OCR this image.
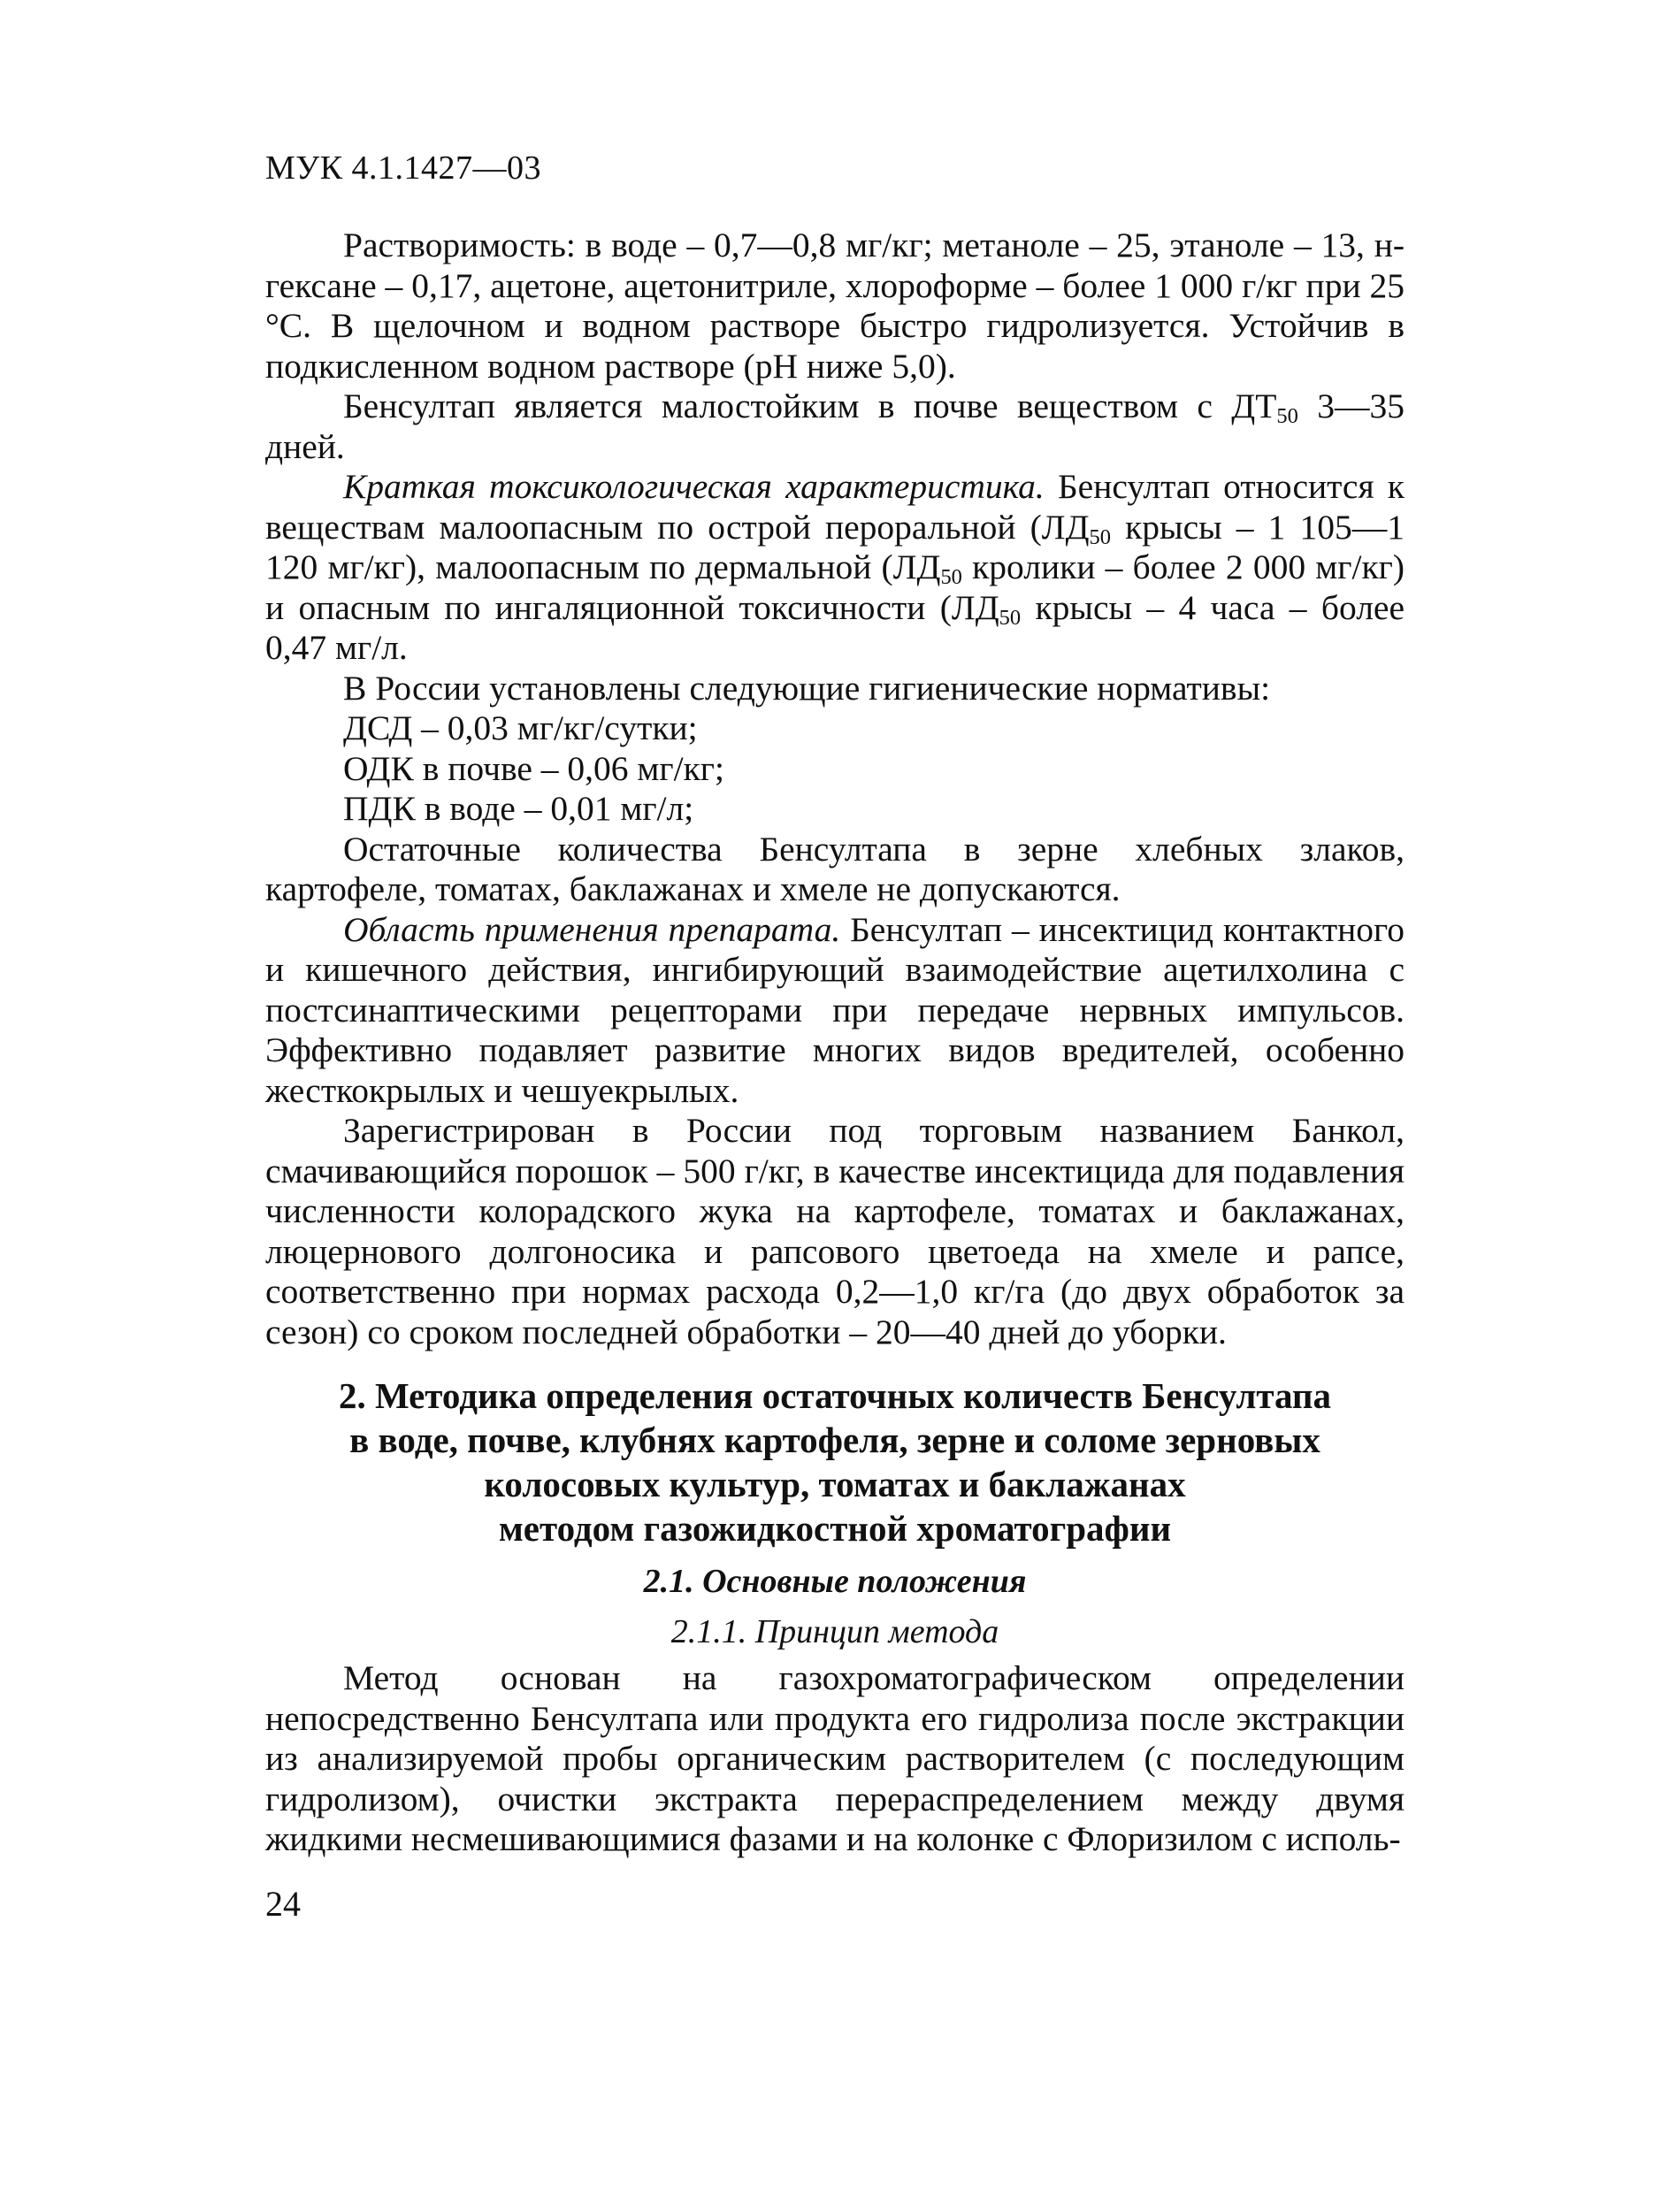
МУК 4.1.1427—03

Растворимость: в воде – 0,7—0,8 мг/кг; метаноле – 25, этаноле – 13, н-гексане – 0,17, ацетоне, ацетонитриле, хлороформе – более 1 000 г/кг при 25 °С. В щелочном и водном растворе быстро гидролизуется. Устойчив в подкисленном водном растворе (рН ниже 5,0).

Бенсултап является малостойким в почве веществом с $ДТ_{50}$ 3—35 дней.

Краткая токсикологическая характеристика. Бенсултап относится к веществам малоопасным по острой пероральной ($ЛД_{50}$ крысы – 1 105—1 120 мг/кг), малоопасным по дермальной ($ЛД_{50}$ кролики – более 2 000 мг/кг) и опасным по ингаляционной токсичности ($ЛД_{50}$ крысы – 4 часа – более 0,47 мг/л.

В России установлены следующие гигиенические нормативы:

ДСД – 0,03 мг/кг/сутки;

ОДК в почве – 0,06 мг/кг;

ПДК в воде – 0,01 мг/л;

Остаточные количества Бенсултапа в зерне хлебных злаков, картофеле, томатах, баклажанах и хмеле не допускаются.

Область применения препарата. Бенсултап – инсектицид контактного и кишечного действия, ингибирующий взаимодействие ацетилхолина с постсинаптическими рецепторами при передаче нервных импульсов. Эффективно подавляет развитие многих видов вредителей, особенно жесткокрылых и чешуекрылых.

Зарегистрирован в России под торговым названием Банкол, смачивающийся порошок – 500 г/кг, в качестве инсектицида для подавления численности колорадского жука на картофеле, томатах и баклажанах, люцернового долгоносика и рапсового цветоеда на хмеле и рапсе, соответственно при нормах расхода 0,2—1,0 кг/га (до двух обработок за сезон) со сроком последней обработки – 20—40 дней до уборки.

2. Методика определения остаточных количеств Бенсултапа
в воде, почве, клубнях картофеля, зерне и соломе зерновых
колосовых культур, томатах и баклажанах
методом газожидкостной хроматографии
2.1. Основные положения
2.1.1. Принцип метода

Метод основан на газохроматографическом определении непосредственно Бенсултапа или продукта его гидролиза после экстракции из анализируемой пробы органическим растворителем (с последующим гидролизом), очистки экстракта перераспределением между двумя жидкими несмешивающимися фазами и на колонке с Флоризилом с исполь-

24
